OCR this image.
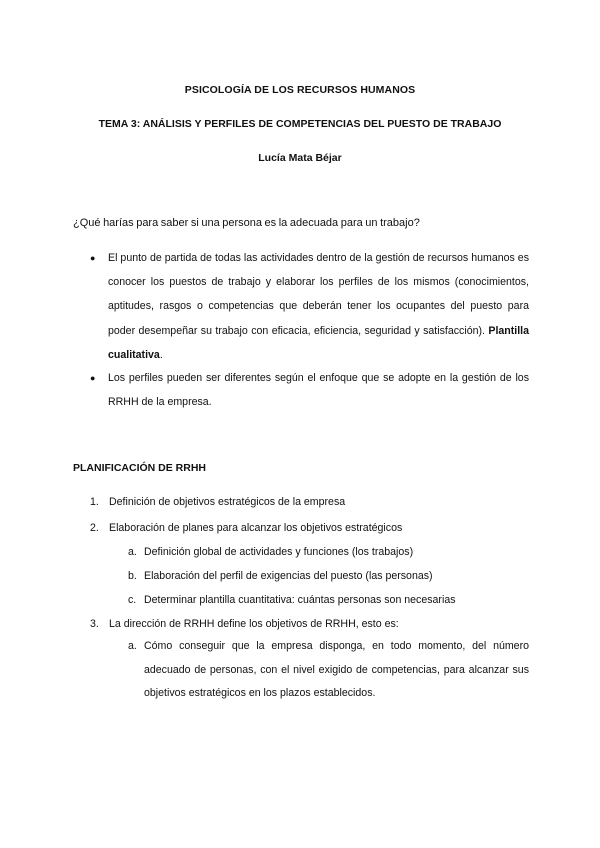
PSICOLOGÍA DE LOS RECURSOS HUMANOS
TEMA 3: ANÁLISIS Y PERFILES DE COMPETENCIAS DEL PUESTO DE TRABAJO
Lucía Mata Béjar
¿Qué harías para saber si una persona es la adecuada para un trabajo?
● El punto de partida de todas las actividades dentro de la gestión de recursos humanos es conocer los puestos de trabajo y elaborar los perfiles de los mismos (conocimientos, aptitudes, rasgos o competencias que deberán tener los ocupantes del puesto para poder desempeñar su trabajo con eficacia, eficiencia, seguridad y satisfacción). Plantilla cualitativa.
● Los perfiles pueden ser diferentes según el enfoque que se adopte en la gestión de los RRHH de la empresa.
PLANIFICACIÓN DE RRHH
1. Definición de objetivos estratégicos de la empresa
2. Elaboración de planes para alcanzar los objetivos estratégicos
a. Definición global de actividades y funciones (los trabajos)
b. Elaboración del perfil de exigencias del puesto (las personas)
c. Determinar plantilla cuantitativa: cuántas personas son necesarias
3. La dirección de RRHH define los objetivos de RRHH, esto es:
a. Cómo conseguir que la empresa disponga, en todo momento, del número adecuado de personas, con el nivel exigido de competencias, para alcanzar sus objetivos estratégicos en los plazos establecidos.
